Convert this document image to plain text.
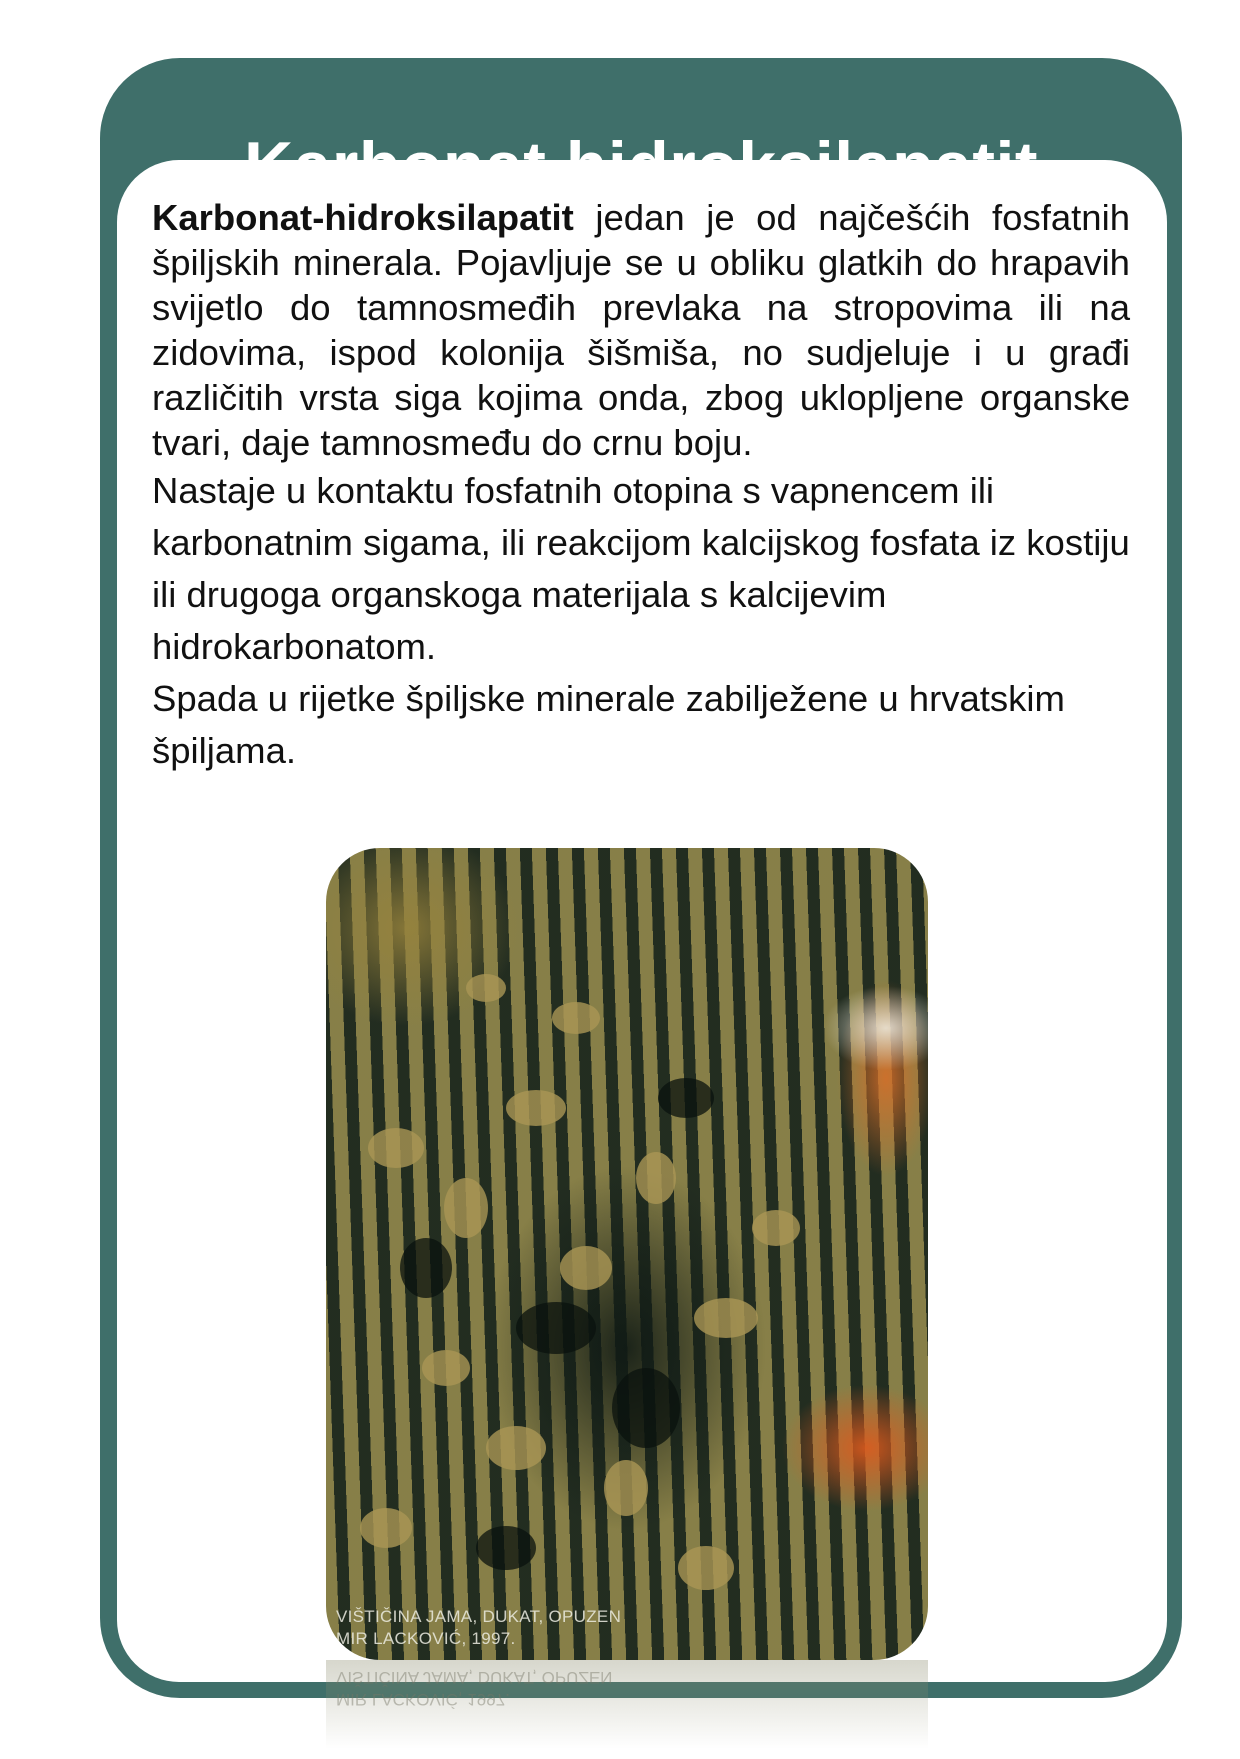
Karbonat-hidroksilapatit jedan je od najčešćih fosfatnih špiljskih minerala. Pojavljuje se u obliku glatkih do hrapavih svijetlo do tamnosmeđih prevlaka na stropovima ili na zidovima, ispod kolonija šišmiša, no sudjeluje i u građi različitih vrsta siga kojima onda, zbog uklopljene organske tvari, daje tamnosmeđu do crnu boju.

Nastaje u kontaktu fosfatnih otopina s vapnencem ili karbonatnim sigama, ili reakcijom kalcijskog fosfata iz kostiju ili drugoga organskoga materijala s kalcijevim hidrokarbonatom.

Spada u rijetke špiljske minerale zabilježene u hrvatskim špiljama.

VIŠTIČINA JAMA, DUKAT, OPUZEN
MIR LACKOVIĆ, 1997.
MIR LACKOVIĆ, 1997.
VIŠTIČINA JAMA, DUKAT, OPUZEN
